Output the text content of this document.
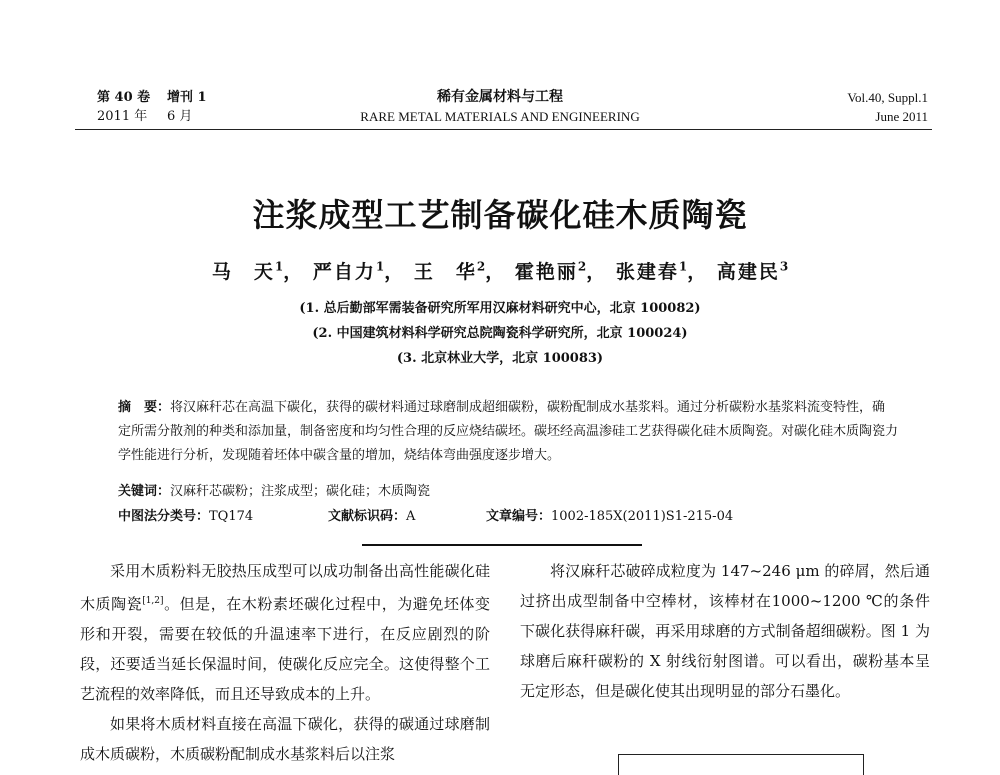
第 40 卷 增刊 1
2011 年 6 月
稀有金属材料与工程
RARE METAL MATERIALS AND ENGINEERING
Vol.40, Suppl.1
June 2011
注浆成型工艺制备碳化硅木质陶瓷
马　天$^1$， 严自力$^1$， 王　华$^2$， 霍艳丽$^2$， 张建春$^1$， 高建民$^3$
(1. 总后勤部军需装备研究所军用汉麻材料研究中心，北京 100082)
(2. 中国建筑材料科学研究总院陶瓷科学研究所，北京 100024)
(3. 北京林业大学，北京 100083)
摘　要：将汉麻秆芯在高温下碳化，获得的碳材料通过球磨制成超细碳粉，碳粉配制成水基浆料。通过分析碳粉水基浆料流变特性，确定所需分散剂的种类和添加量，制备密度和均匀性合理的反应烧结碳坯。碳坯经高温渗硅工艺获得碳化硅木质陶瓷。对碳化硅木质陶瓷力学性能进行分析，发现随着坯体中碳含量的增加，烧结体弯曲强度逐步增大。
关键词：汉麻秆芯碳粉；注浆成型；碳化硅；木质陶瓷
中图法分类号：TQ174	文献标识码：A	文章编号：1002-185X(2011)S1-215-04

采用木质粉料无胶热压成型可以成功制备出高性能碳化硅木质陶瓷[1,2]。但是，在木粉素坯碳化过程中，为避免坯体变形和开裂，需要在较低的升温速率下进行，在反应剧烈的阶段，还要适当延长保温时间，使碳化反应完全。这使得整个工艺流程的效率降低，而且还导致成本的上升。

如果将木质材料直接在高温下碳化，获得的碳通过球磨制成木质碳粉，木质碳粉配制成水基浆料后以注浆

将汉麻秆芯破碎成粒度为 147~246 μm 的碎屑，然后通过挤出成型制备中空棒材，该棒材在1000~1200 ℃的条件下碳化获得麻秆碳，再采用球磨的方式制备超细碳粉。图 1 为球磨后麻秆碳粉的 X 射线衍射图谱。可以看出，碳粉基本呈无定形态，但是碳化使其出现明显的部分石墨化。
